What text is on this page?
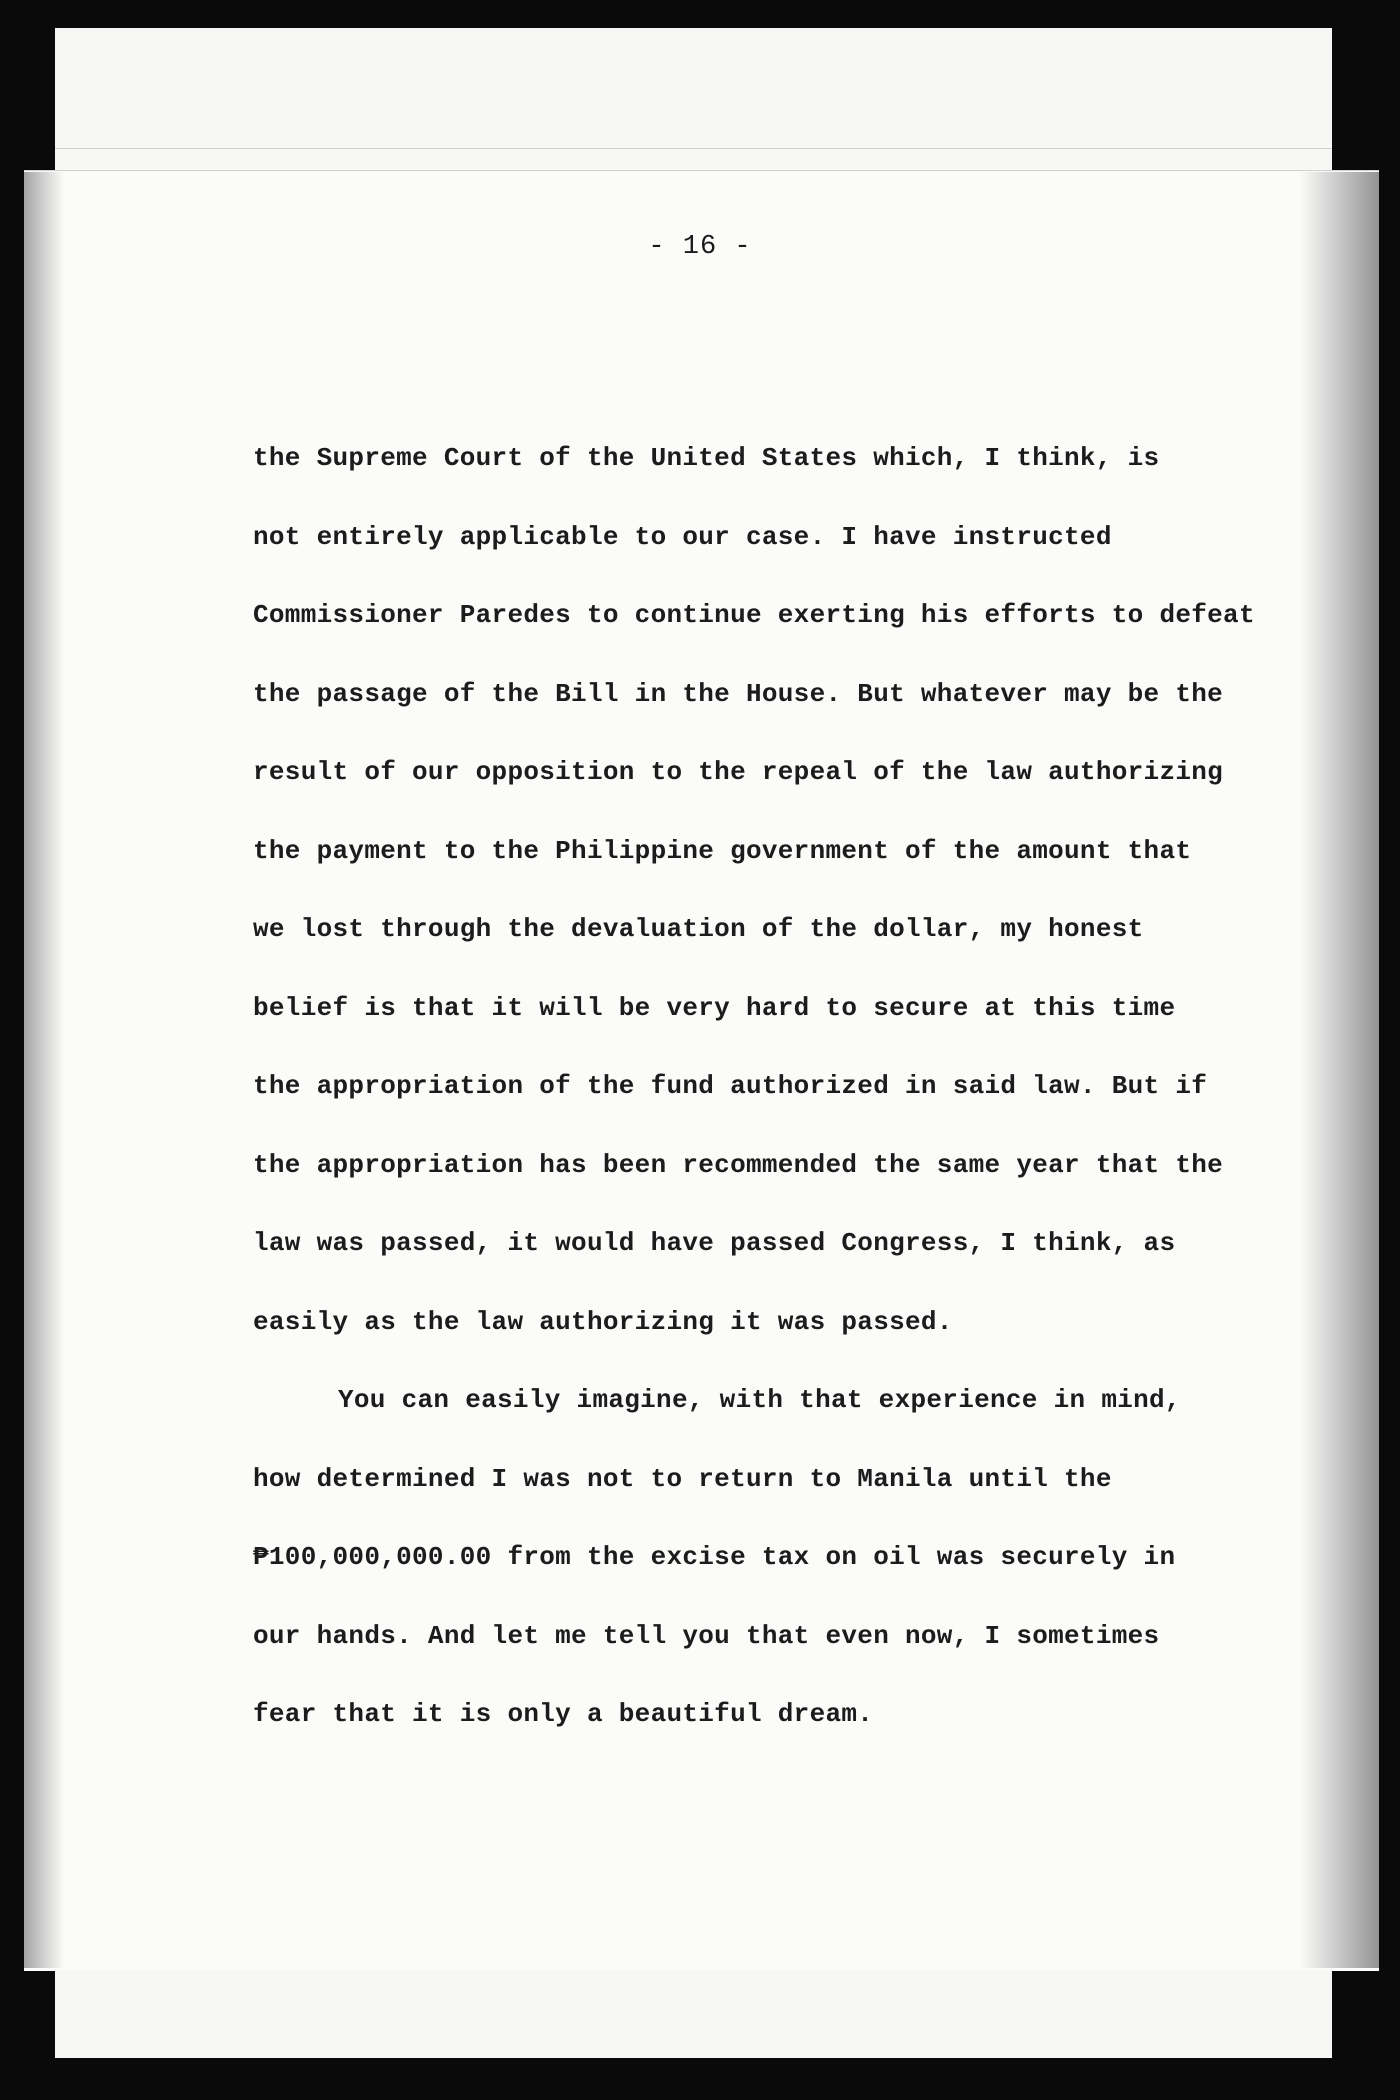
- 16 -
the Supreme Court of the United States which, I think, is
not entirely applicable to our case. I have instructed
Commissioner Paredes to continue exerting his efforts to defeat
the passage of the Bill in the House. But whatever may be the
result of our opposition to the repeal of the law authorizing
the payment to the Philippine government of the amount that
we lost through the devaluation of the dollar, my honest
belief is that it will be very hard to secure at this time
the appropriation of the fund authorized in said law. But if
the appropriation has been recommended the same year that the
law was passed, it would have passed Congress, I think, as
easily as the law authorizing it was passed.
You can easily imagine, with that experience in mind,
how determined I was not to return to Manila until the
₱100,000,000.00 from the excise tax on oil was securely in
our hands. And let me tell you that even now, I sometimes
fear that it is only a beautiful dream.
